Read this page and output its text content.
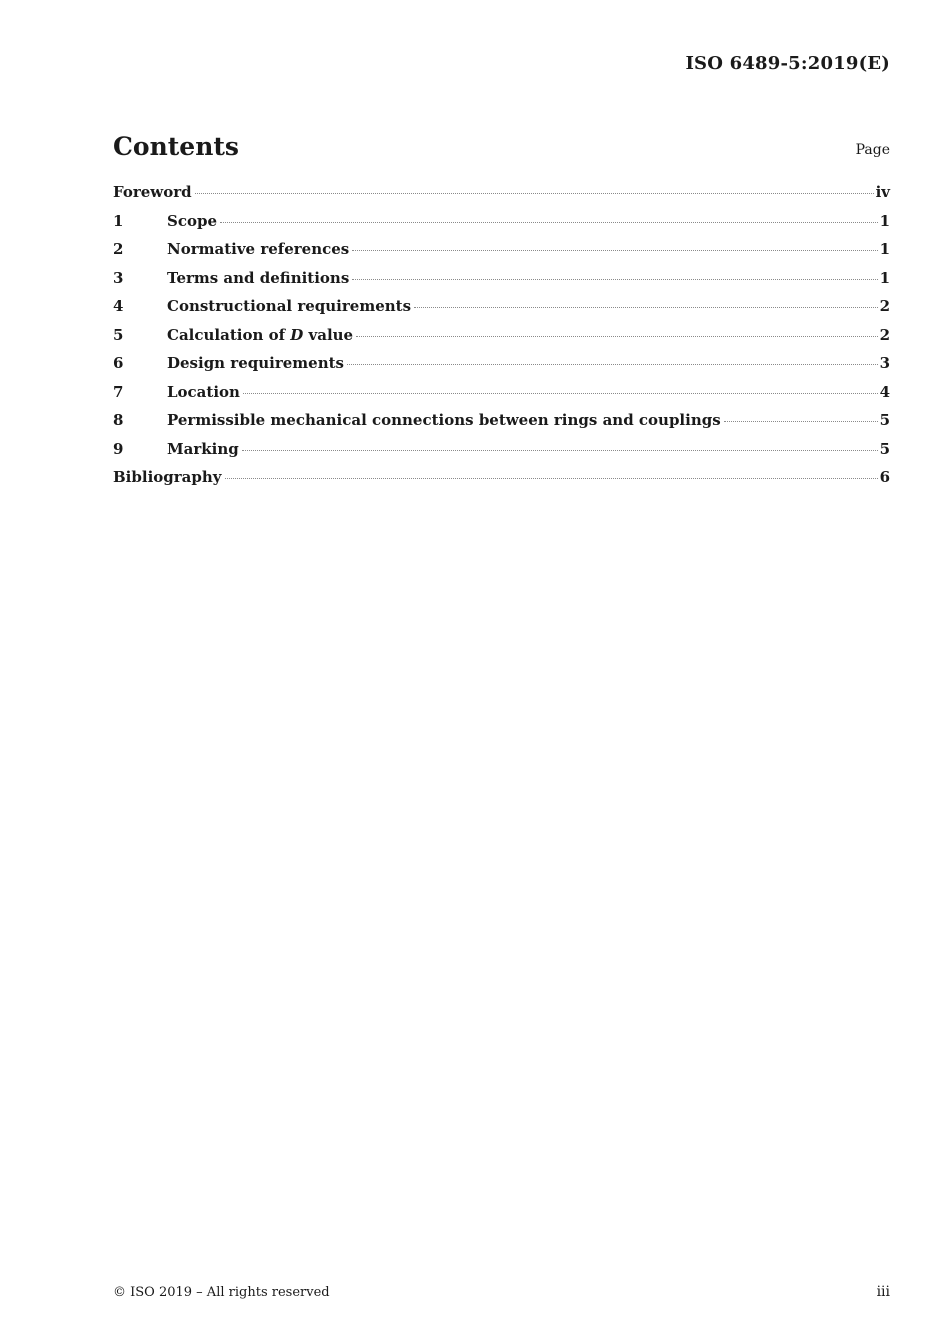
ISO 6489-5:2019(E)
Contents	Page
Foreword	iv
1	Scope	1
2	Normative references	1
3	Terms and definitions	1
4	Constructional requirements	2
5	Calculation of D value	2
6	Design requirements	3
7	Location	4
8	Permissible mechanical connections between rings and couplings	5
9	Marking	5
Bibliography	6
© ISO 2019 – All rights reserved	iii
